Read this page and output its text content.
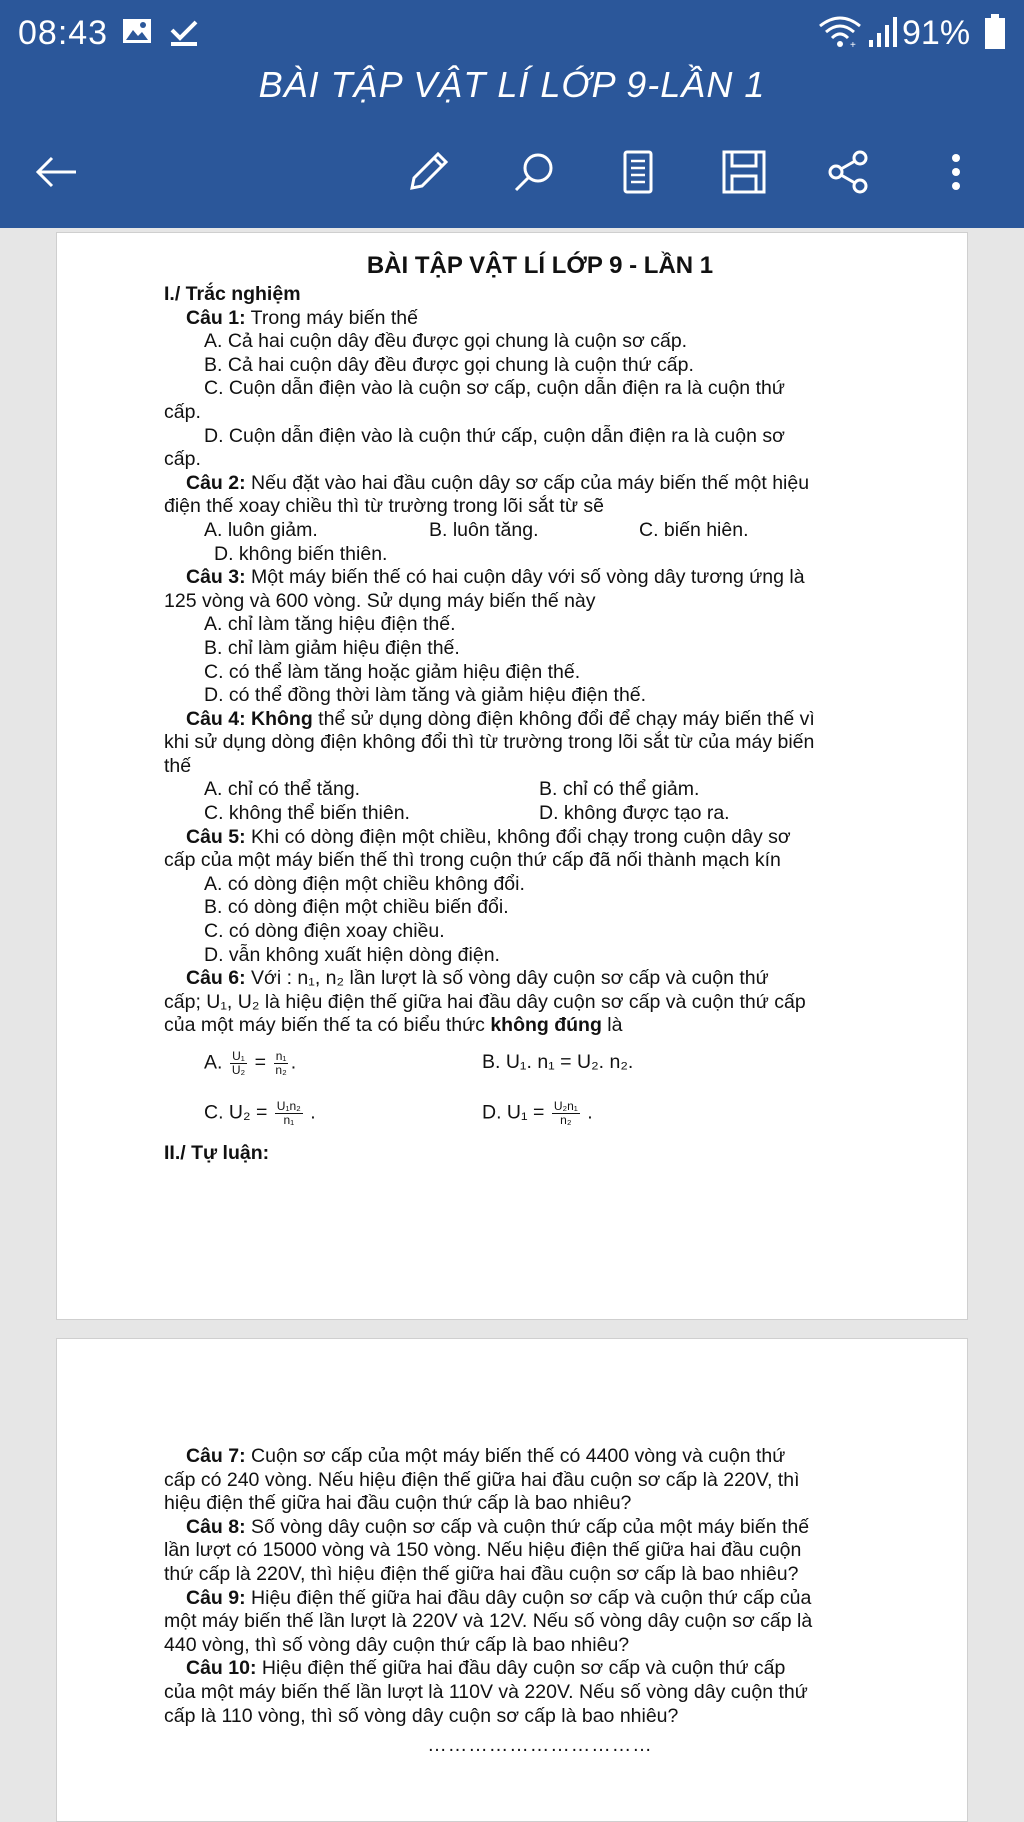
08:43	+ 91%
BÀI TẬP VẬT LÍ LỚP 9-LẦN 1

BÀI TẬP VẬT LÍ LỚP 9 - LẦN 1

I./ Trắc nghiệm

Câu 1: Trong máy biến thế

A. Cả hai cuộn dây đều được gọi chung là cuộn sơ cấp.

B. Cả hai cuộn dây đều được gọi chung là cuộn thứ cấp.

C. Cuộn dẫn điện vào là cuộn sơ cấp, cuộn dẫn điện ra là cuộn thứ

cấp.

D. Cuộn dẫn điện vào là cuộn thứ cấp, cuộn dẫn điện ra là cuộn sơ

cấp.

Câu 2: Nếu đặt vào hai đầu cuộn dây sơ cấp của máy biến thế một hiệu

điện thế xoay chiều thì từ trường trong lõi sắt từ sẽ

A. luôn giảm.	B. luôn tăng.	C. biến hiên.

D. không biến thiên.

Câu 3: Một máy biến thế có hai cuộn dây với số vòng dây tương ứng là

125 vòng và 600 vòng. Sử dụng máy biến thế này

A. chỉ làm tăng hiệu điện thế.

B. chỉ làm giảm hiệu điện thế.

C. có thể làm tăng hoặc giảm hiệu điện thế.

D. có thể đồng thời làm tăng và giảm hiệu điện thế.

Câu 4: Không thể sử dụng dòng điện không đổi để chạy máy biến thế vì

khi sử dụng dòng điện không đổi thì từ trường trong lõi sắt từ của máy biến

thế

A. chỉ có thể tăng.	B. chỉ có thể giảm.
C. không thể biến thiên.	D. không được tạo ra.

Câu 5: Khi có dòng điện một chiều, không đổi chạy trong cuộn dây sơ

cấp của một máy biến thế thì trong cuộn thứ cấp đã nối thành mạch kín

A. có dòng điện một chiều không đổi.

B. có dòng điện một chiều biến đổi.

C. có dòng điện xoay chiều.

D. vẫn không xuất hiện dòng điện.

Câu 6: Với : n₁, n₂ lần lượt là số vòng dây cuộn sơ cấp và cuộn thứ

cấp; U₁, U₂ là hiệu điện thế giữa hai đầu dây cuộn sơ cấp và cuộn thứ cấp

của một máy biến thế ta có biểu thức không đúng là

A. $\frac{\text{U₁}}{\text{U₂}} = \frac{\text{n₁}}{\text{n₂}}$ .	B. U₁. n₁ = U₂. n₂.
C. $U_2 = \frac{\text{U₁n₂}}{\text{n₁}}$ .	D. $U_1 = \frac{\text{U₂n₁}}{\text{n₂}}$ .

II./ Tự luận:

Câu 7: Cuộn sơ cấp của một máy biến thế có 4400 vòng và cuộn thứ

cấp có 240 vòng. Nếu hiệu điện thế giữa hai đầu cuộn sơ cấp là 220V, thì

hiệu điện thế giữa hai đầu cuộn thứ cấp là bao nhiêu?

Câu 8: Số vòng dây cuộn sơ cấp và cuộn thứ cấp của một máy biến thế

lần lượt có 15000 vòng và 150 vòng. Nếu hiệu điện thế giữa hai đầu cuộn

thứ cấp là 220V, thì hiệu điện thế giữa hai đầu cuộn sơ cấp là bao nhiêu?

Câu 9: Hiệu điện thế giữa hai đầu dây cuộn sơ cấp và cuộn thứ cấp của

một máy biến thế lần lượt là 220V và 12V. Nếu số vòng dây cuộn sơ cấp là

440 vòng, thì số vòng dây cuộn thứ cấp là bao nhiêu?

Câu 10: Hiệu điện thế giữa hai đầu dây cuộn sơ cấp và cuộn thứ cấp

của một máy biến thế lần lượt là 110V và 220V. Nếu số vòng dây cuộn thứ

cấp là 110 vòng, thì số vòng dây cuộn sơ cấp là bao nhiêu?

……………………………
